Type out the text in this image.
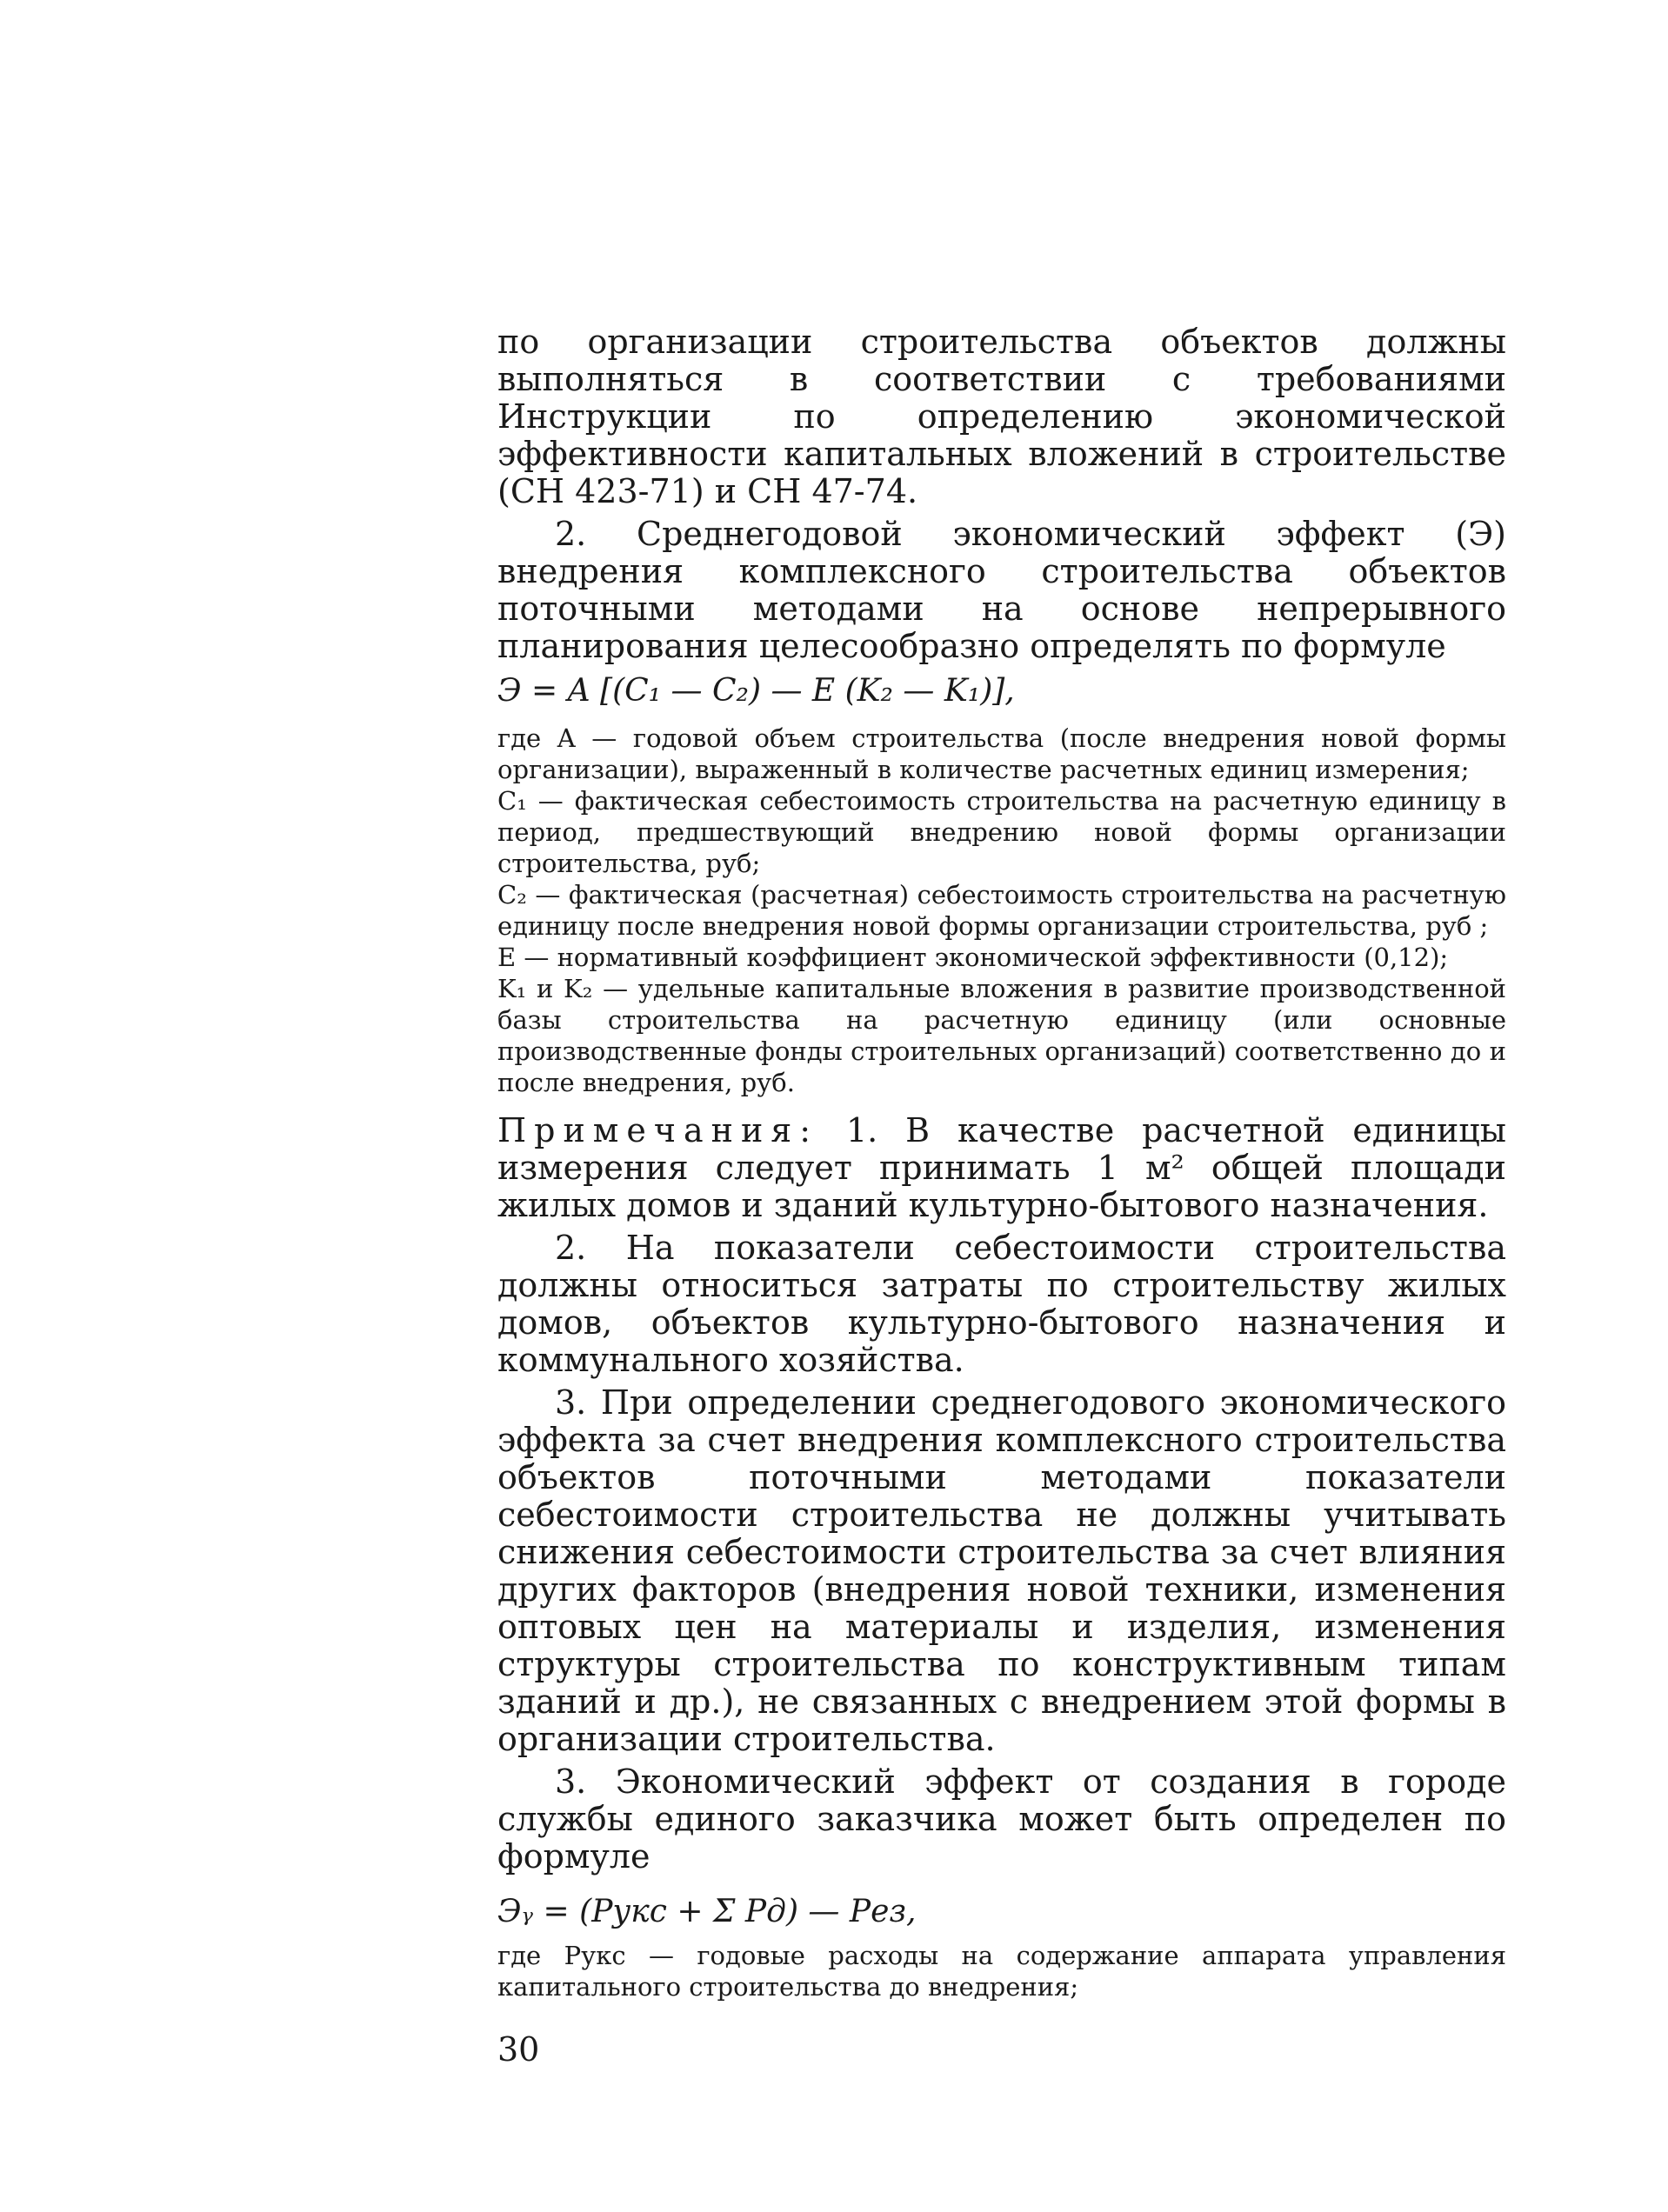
по организации строительства объектов должны выполняться в соответствии с требованиями Инструкции по определению экономической эффективности капитальных вложений в строительстве (СН 423-71) и СН 47-74.

2. Среднегодовой экономический эффект (Э) внедрения комплексного строительства объектов поточными методами на основе непрерывного планирования целесообразно определять по формуле

Э = A [(C₁ — C₂) — E (K₂ — K₁)],

где A — годовой объем строительства (после внедрения новой формы организации), выраженный в количестве расчетных единиц измерения;

C₁ — фактическая себестоимость строительства на расчетную единицу в период, предшествующий внедрению новой формы организации строительства, руб;

C₂ — фактическая (расчетная) себестоимость строительства на расчетную единицу после внедрения новой формы организации строительства, руб ;

E — нормативный коэффициент экономической эффективности (0,12);

K₁ и K₂ — удельные капитальные вложения в развитие производственной базы строительства на расчетную единицу (или основные производственные фонды строительных организаций) соответственно до и после внедрения, руб.

Примечания: 1. В качестве расчетной единицы измерения следует принимать 1 м² общей площади жилых домов и зданий культурно-бытового назначения.

2. На показатели себестоимости строительства должны относиться затраты по строительству жилых домов, объектов культурно-бытового назначения и коммунального хозяйства.

3. При определении среднегодового экономического эффекта за счет внедрения комплексного строительства объектов поточными методами показатели себестоимости строительства не должны учитывать снижения себестоимости строительства за счет влияния других факторов (внедрения новой техники, изменения оптовых цен на материалы и изделия, изменения структуры строительства по конструктивным типам зданий и др.), не связанных с внедрением этой формы в организации строительства.

3. Экономический эффект от создания в городе службы единого заказчика может быть определен по формуле

Эᵧ = (Pукс + Σ Pд) — Pез,

где Pукс — годовые расходы на содержание аппарата управления капитального строительства до внедрения;

30
